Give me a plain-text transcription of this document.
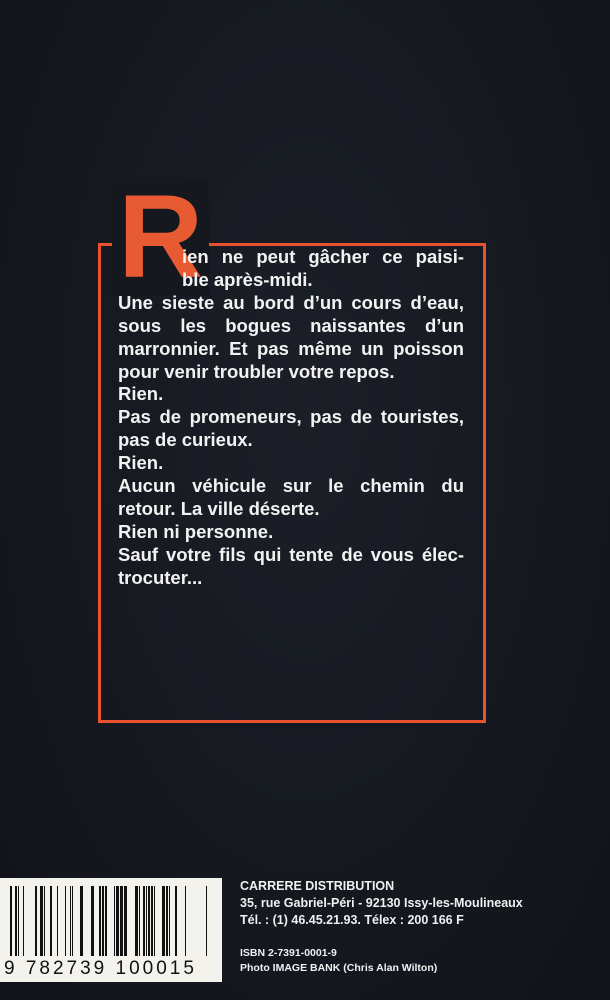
R
ien ne peut gâcher ce paisi-
ble après-midi.
Une sieste au bord d’un cours d’eau,
sous les bogues naissantes d’un
marronnier. Et pas même un poisson
pour venir troubler votre repos.
Rien.
Pas de promeneurs, pas de touristes,
pas de curieux.
Rien.
Aucun véhicule sur le chemin du
retour. La ville déserte.
Rien ni personne.
Sauf votre fils qui tente de vous élec-
trocuter...
9 782739 100015
CARRERE DISTRIBUTION
35, rue Gabriel-Péri - 92130 Issy-les-Moulineaux
Tél. : (1) 46.45.21.93. Télex : 200 166 F
ISBN 2-7391-0001-9
Photo IMAGE BANK (Chris Alan Wilton)
